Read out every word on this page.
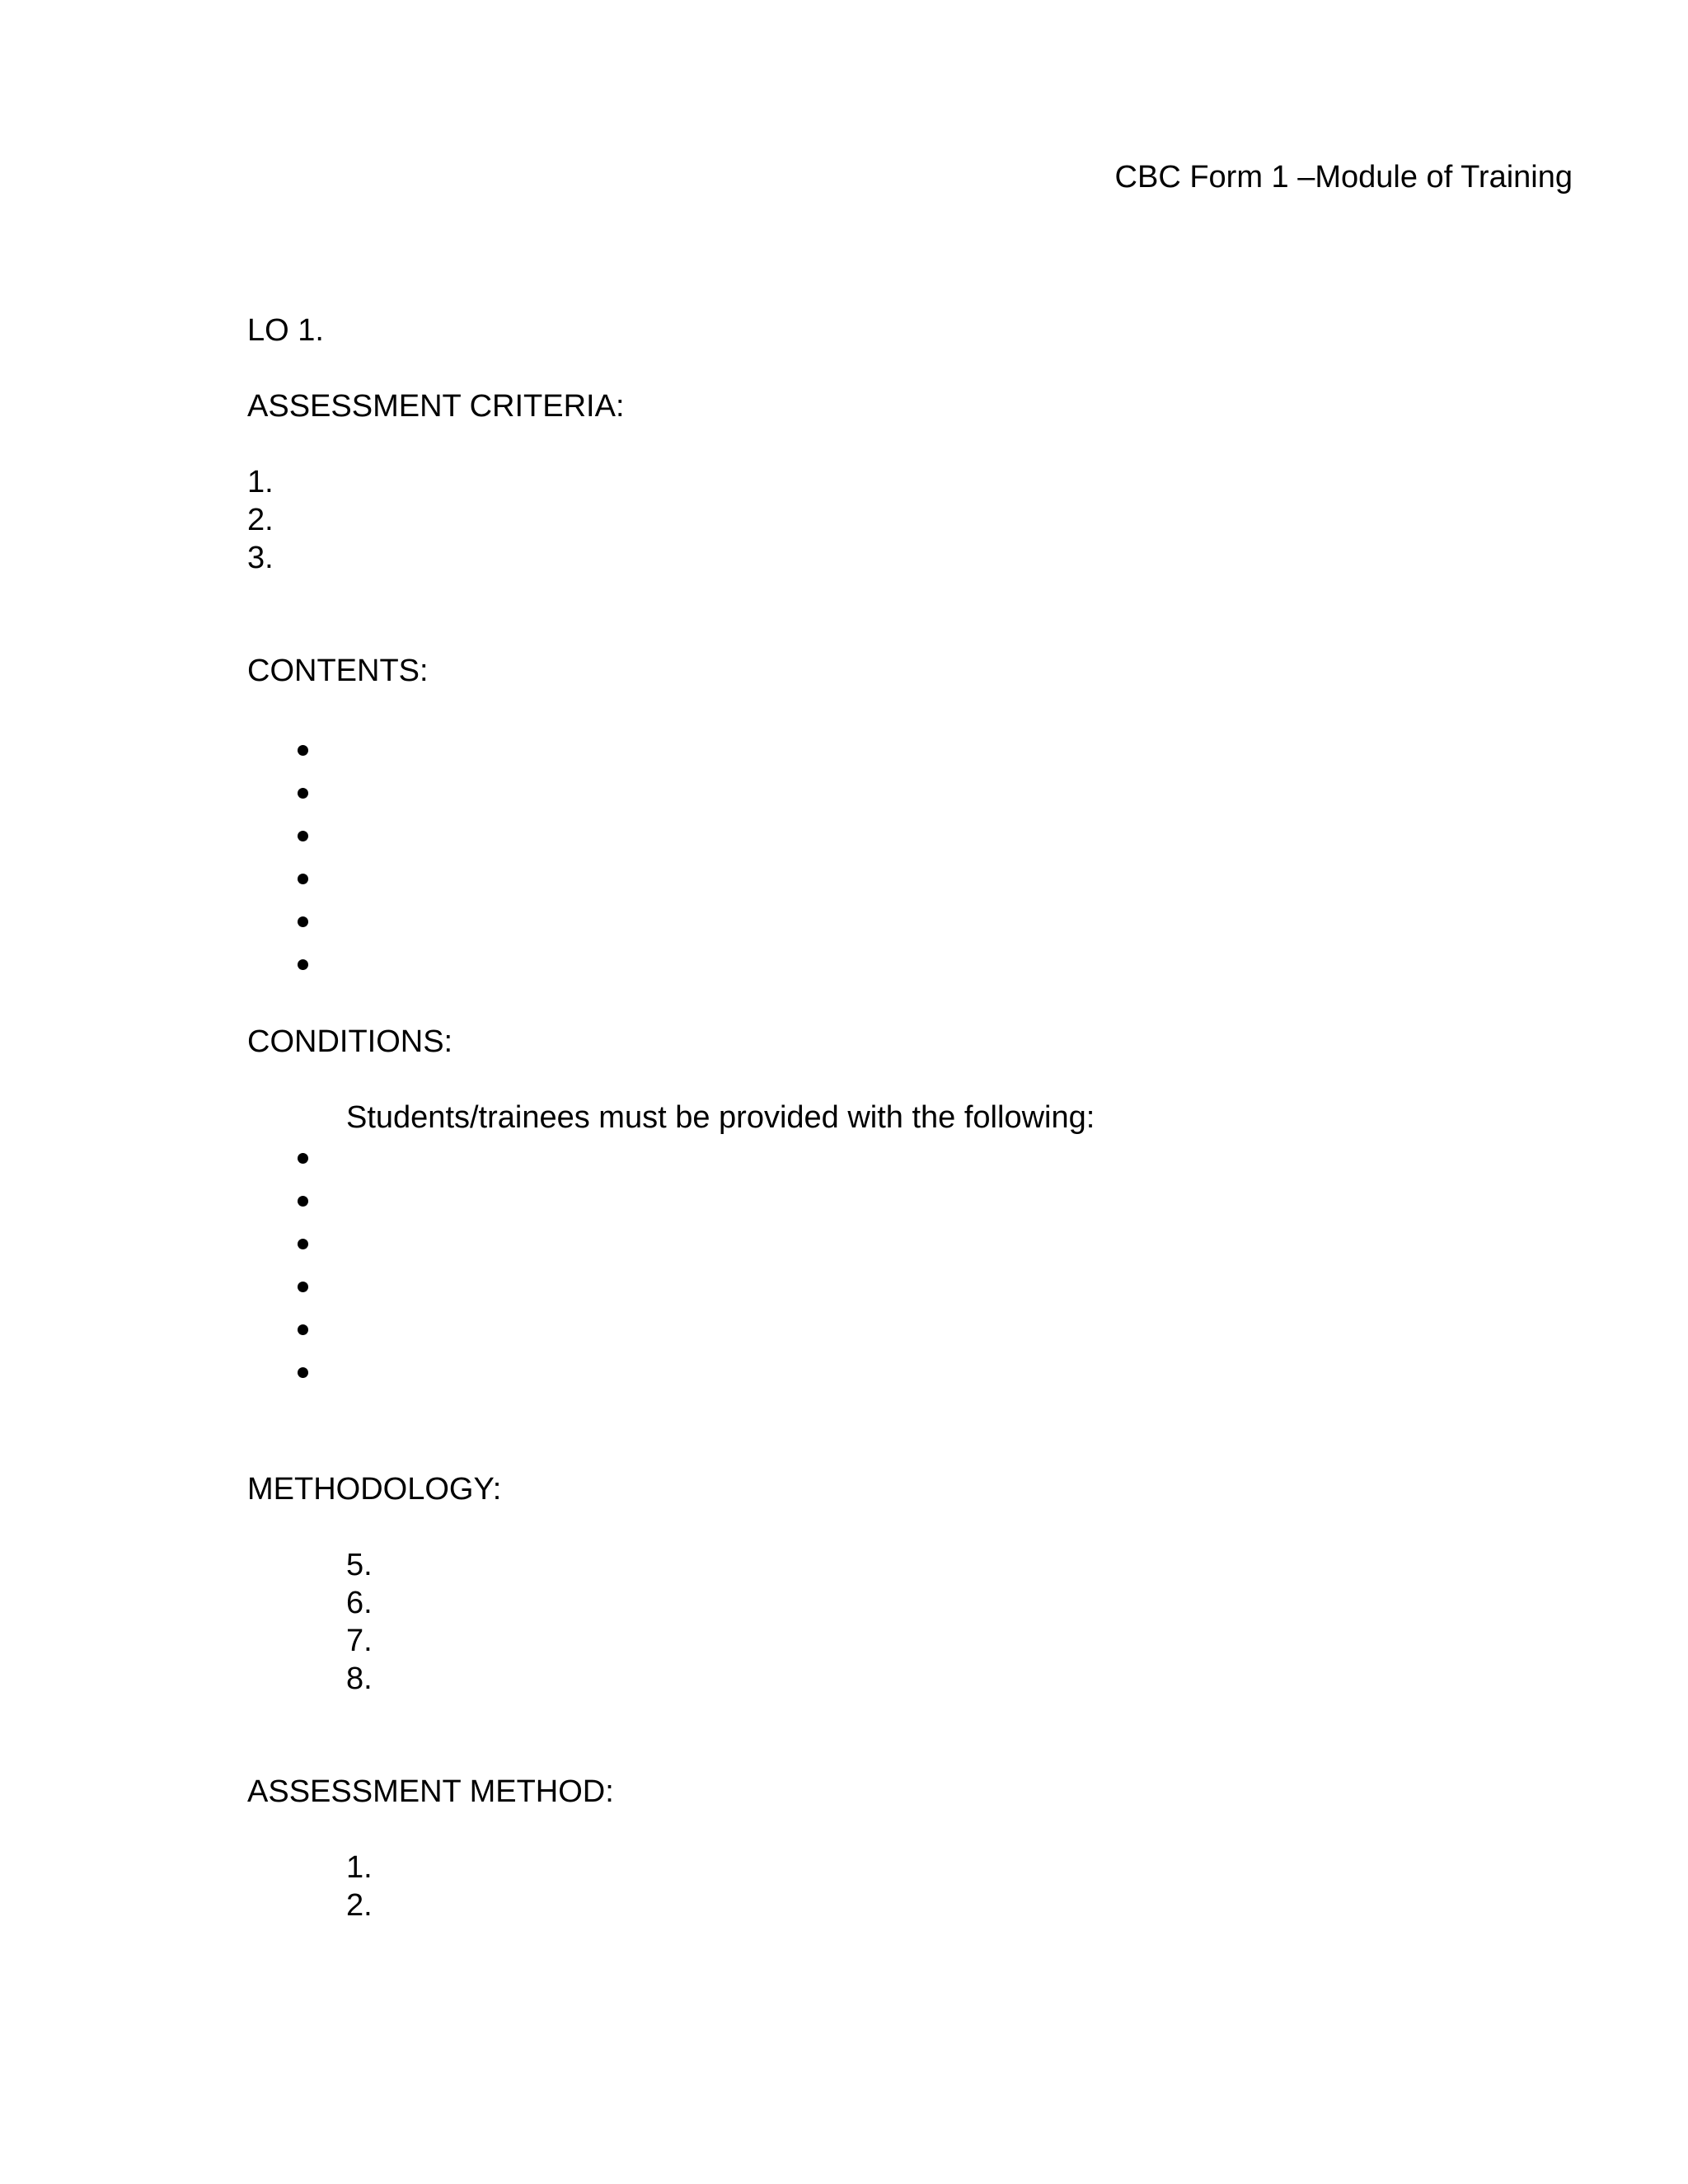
CBC Form 1 –Module of Training
LO 1.
ASSESSMENT CRITERIA:
1.
2.
3.
CONTENTS:
CONDITIONS:
Students/trainees must be provided with the following:
METHODOLOGY:
5.
6.
7.
8.
ASSESSMENT METHOD:
1.
2.
